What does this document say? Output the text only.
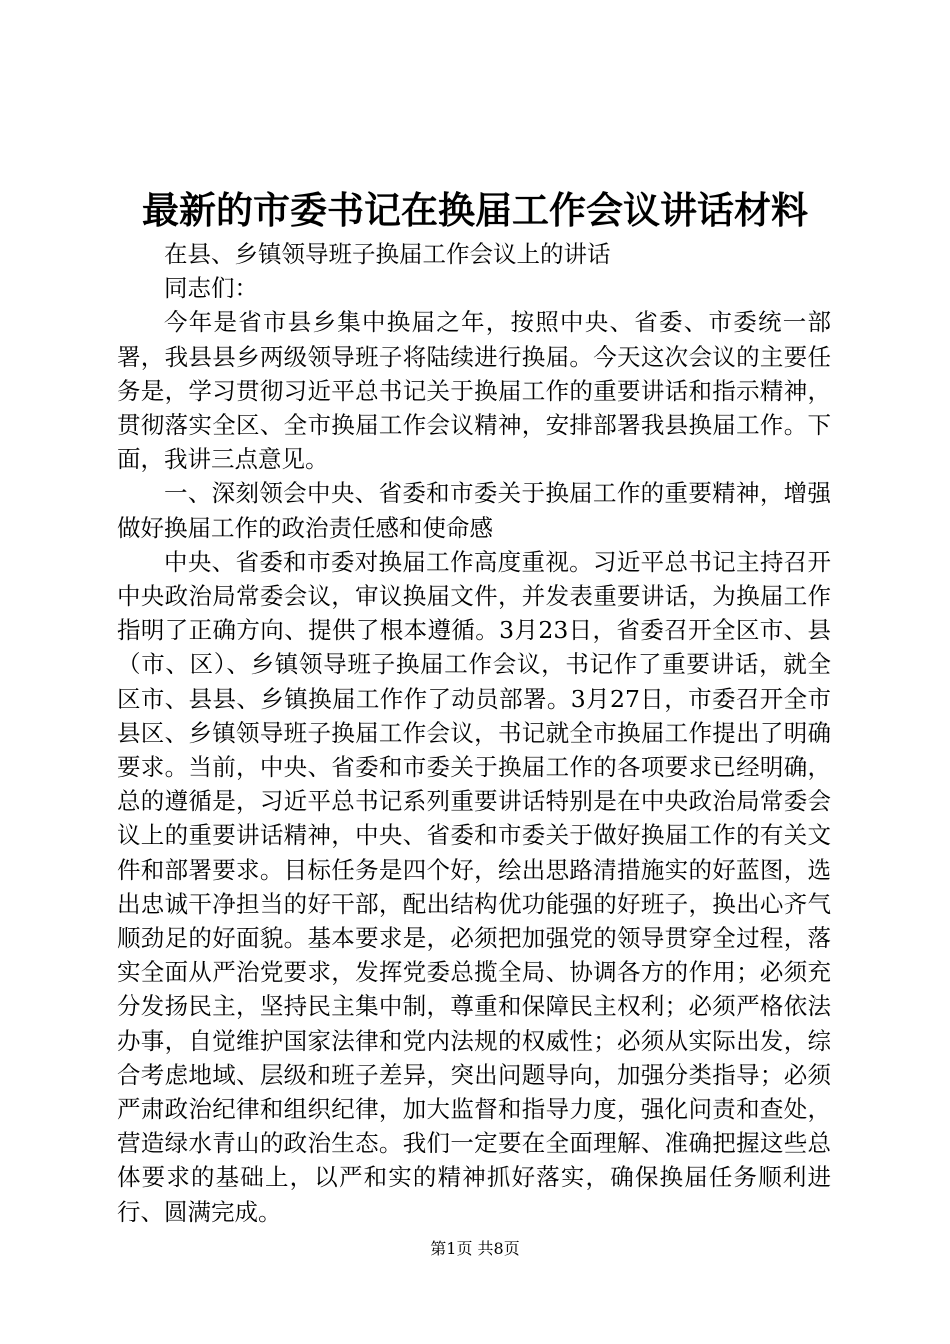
最新的市委书记在换届工作会议讲话材料

在县、乡镇领导班子换届工作会议上的讲话

同志们：

今年是省市县乡集中换届之年，按照中央、省委、市委统一部署，我县县乡两级领导班子将陆续进行换届。今天这次会议的主要任务是，学习贯彻习近平总书记关于换届工作的重要讲话和指示精神，贯彻落实全区、全市换届工作会议精神，安排部署我县换届工作。下面，我讲三点意见。

一、深刻领会中央、省委和市委关于换届工作的重要精神，增强做好换届工作的政治责任感和使命感

中央、省委和市委对换届工作高度重视。习近平总书记主持召开中央政治局常委会议，审议换届文件，并发表重要讲话，为换届工作指明了正确方向、提供了根本遵循。3月23日，省委召开全区市、县（市、区）、乡镇领导班子换届工作会议，书记作了重要讲话，就全区市、县县、乡镇换届工作作了动员部署。3月27日，市委召开全市县区、乡镇领导班子换届工作会议，书记就全市换届工作提出了明确要求。当前，中央、省委和市委关于换届工作的各项要求已经明确，总的遵循是，习近平总书记系列重要讲话特别是在中央政治局常委会议上的重要讲话精神，中央、省委和市委关于做好换届工作的有关文件和部署要求。目标任务是四个好，绘出思路清措施实的好蓝图，选出忠诚干净担当的好干部，配出结构优功能强的好班子，换出心齐气顺劲足的好面貌。基本要求是，必须把加强党的领导贯穿全过程，落实全面从严治党要求，发挥党委总揽全局、协调各方的作用；必须充分发扬民主，坚持民主集中制，尊重和保障民主权利；必须严格依法办事，自觉维护国家法律和党内法规的权威性；必须从实际出发，综合考虑地域、层级和班子差异，突出问题导向，加强分类指导；必须严肃政治纪律和组织纪律，加大监督和指导力度，强化问责和查处，营造绿水青山的政治生态。我们一定要在全面理解、准确把握这些总体要求的基础上，以严和实的精神抓好落实，确保换届任务顺利进行、圆满完成。

第1页 共8页
